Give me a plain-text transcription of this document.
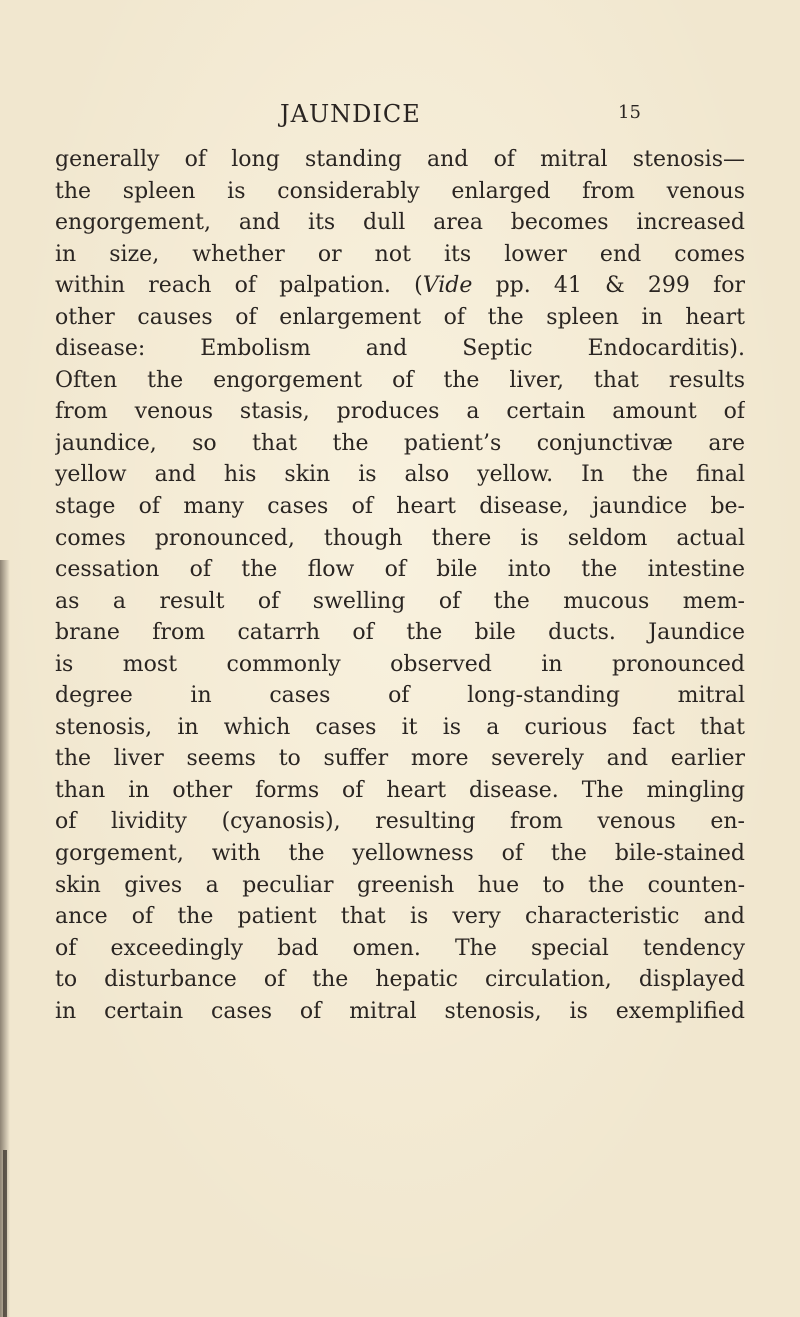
JAUNDICE	15
generally of long standing and of mitral stenosis—
the spleen is considerably enlarged from venous
engorgement, and its dull area becomes increased
in size, whether or not its lower end comes
within reach of palpation. (Vide pp. 41 & 299 for
other causes of enlargement of the spleen in heart
disease: Embolism and Septic Endocarditis).
Often the engorgement of the liver, that results
from venous stasis, produces a certain amount of
jaundice, so that the patient’s conjunctivæ are
yellow and his skin is also yellow. In the final
stage of many cases of heart disease, jaundice be-
comes pronounced, though there is seldom actual
cessation of the flow of bile into the intestine
as a result of swelling of the mucous mem-
brane from catarrh of the bile ducts. Jaundice
is most commonly observed in pronounced
degree in cases of long-standing mitral
stenosis, in which cases it is a curious fact that
the liver seems to suffer more severely and earlier
than in other forms of heart disease. The mingling
of lividity (cyanosis), resulting from venous en-
gorgement, with the yellowness of the bile-stained
skin gives a peculiar greenish hue to the counten-
ance of the patient that is very characteristic and
of exceedingly bad omen. The special tendency
to disturbance of the hepatic circulation, displayed
in certain cases of mitral stenosis, is exemplified
